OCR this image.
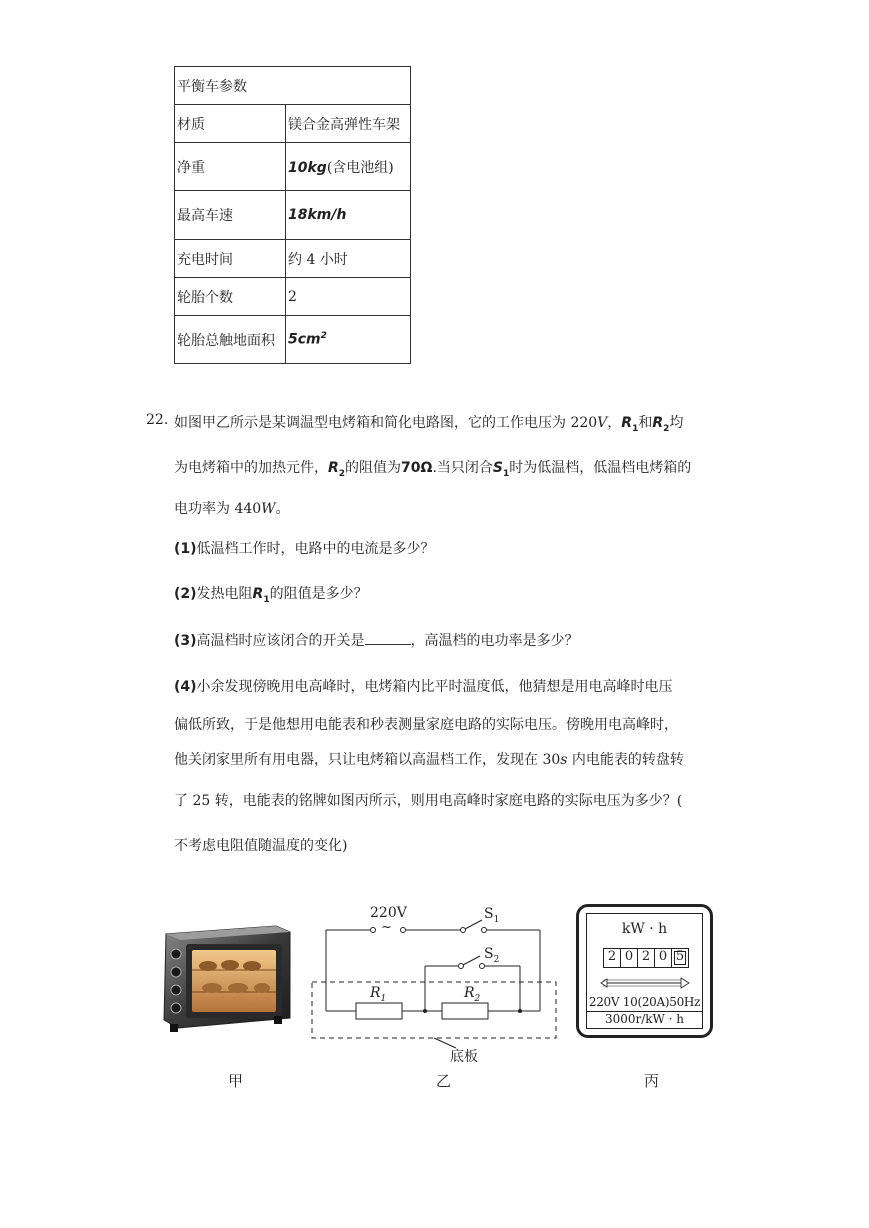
平衡车参数	
材质	镁合金高弹性车架
净重	10kg(含电池组)
最高车速	18km/h
充电时间	约 4 小时
轮胎个数	2
轮胎总触地面积	$5cm^2$
22. 如图甲乙所示是某调温型电烤箱和简化电路图，它的工作电压为 220V，$R_1$和$R_2$均
为电烤箱中的加热元件，$R_2$的阻值为70Ω.当只闭合$S_1$时为低温档，低温档电烤箱的
电功率为 440W。
(1)低温档工作时，电路中的电流是多少？
(2)发热电阻$R_1$的阻值是多少？
(3)高温档时应该闭合的开关是	，高温档的电功率是多少？
(4)小余发现傍晚用电高峰时，电烤箱内比平时温度低，他猜想是用电高峰时电压
偏低所致，于是他想用电能表和秒表测量家庭电路的实际电压。傍晚用电高峰时，
他关闭家里所有用电器，只让电烤箱以高温档工作，发现在 30s 内电能表的转盘转
了 25 转，电能表的铭牌如图丙所示，则用电高峰时家庭电路的实际电压为多少？(
不考虑电阻值随温度的变化)
甲
220V
~
$S_1$
$S_2$
$R_1$	$R_2$
底板
乙
kW · h
2 0 2 0 5
220V 10(20A)50Hz
3000r/kW · h
丙
